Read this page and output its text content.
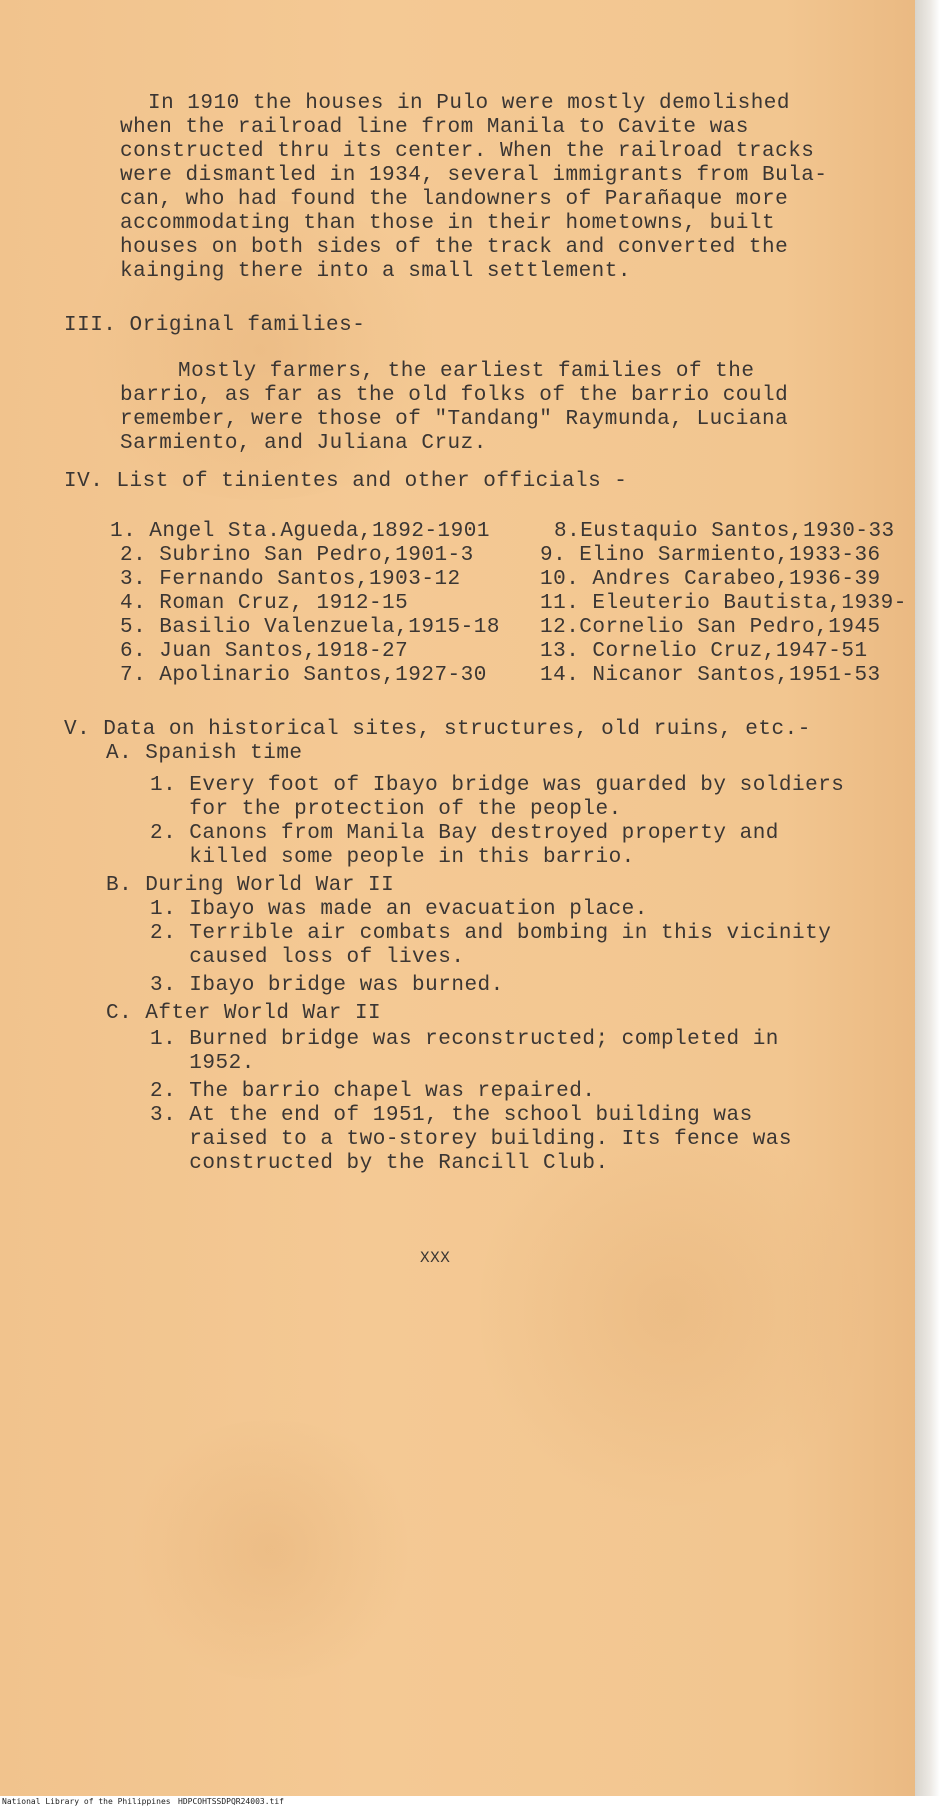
In 1910 the houses in Pulo were mostly demolished

when the railroad line from Manila to Cavite was

constructed thru its center. When the railroad tracks

were dismantled in 1934, several immigrants from Bula-

can, who had found the landowners of Parañaque more

accommodating than those in their hometowns, built

houses on both sides of the track and converted the

kainging there into a small settlement.

III. Original families-

Mostly farmers, the earliest families of the

barrio, as far as the old folks of the barrio could

remember, were those of "Tandang" Raymunda, Luciana

Sarmiento, and Juliana Cruz.

IV. List of tinientes and other officials -

1. Angel Sta.Agueda,1892-1901

2. Subrino San Pedro,1901-3

3. Fernando Santos,1903-12

4. Roman Cruz, 1912-15

5. Basilio Valenzuela,1915-18

6. Juan Santos,1918-27

7. Apolinario Santos,1927-30

8.Eustaquio Santos,1930-33

9. Elino Sarmiento,1933-36

10. Andres Carabeo,1936-39

11. Eleuterio Bautista,1939-

12.Cornelio San Pedro,1945

13. Cornelio Cruz,1947-51

14. Nicanor Santos,1951-53

V. Data on historical sites, structures, old ruins, etc.-

A. Spanish time

1. Every foot of Ibayo bridge was guarded by soldiers

for the protection of the people.

2. Canons from Manila Bay destroyed property and

killed some people in this barrio.

B. During World War II

1. Ibayo was made an evacuation place.

2. Terrible air combats and bombing in this vicinity

caused loss of lives.

3. Ibayo bridge was burned.

C. After World War II

1. Burned bridge was reconstructed; completed in

1952.

2. The barrio chapel was repaired.

3. At the end of 1951, the school building was

raised to a two-storey building. Its fence was

constructed by the Rancill Club.

XXX

National Library of the Philippines HDPCOHTSSDPQR24003.tif
